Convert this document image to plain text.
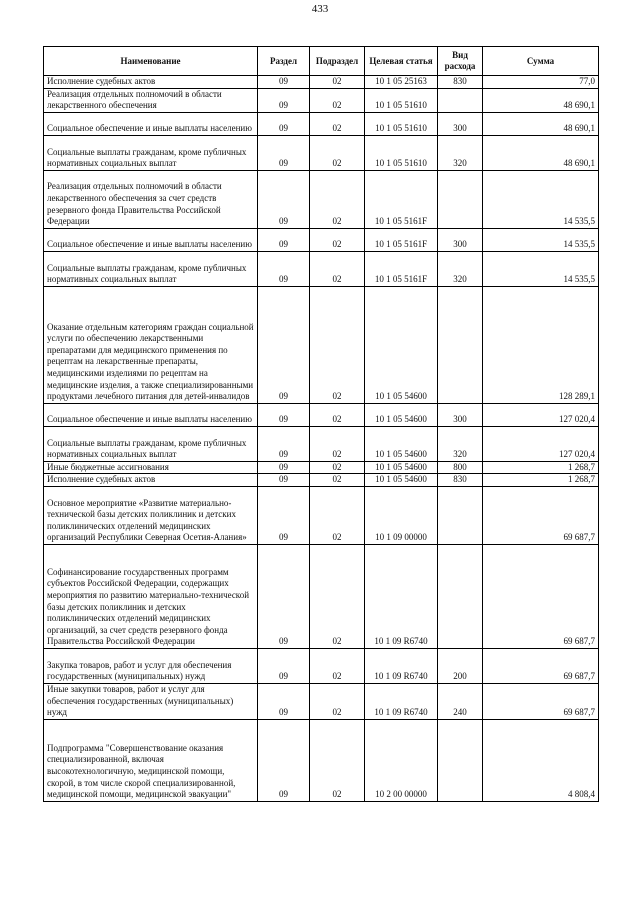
433
Наименование	Раздел	Подраздел	Целевая статья	Вид расхода	Сумма
Исполнение судебных актов	09	02	10 1 05 25163	830	77,0
Реализация отдельных полномочий в области лекарственного обеспечения	09	02	10 1 05 51610		48 690,1
Социальное обеспечение и иные выплаты населению	09	02	10 1 05 51610	300	48 690,1
Социальные выплаты гражданам, кроме публичных нормативных социальных выплат	09	02	10 1 05 51610	320	48 690,1
Реализация отдельных полномочий в области лекарственного обеспечения за счет средств резервного фонда Правительства Российской Федерации	09	02	10 1 05 5161F		14 535,5
Социальное обеспечение и иные выплаты населению	09	02	10 1 05 5161F	300	14 535,5
Социальные выплаты гражданам, кроме публичных нормативных социальных выплат	09	02	10 1 05 5161F	320	14 535,5
Оказание отдельным категориям граждан социальной услуги по обеспечению лекарственными препаратами для медицинского применения по рецептам на лекарственные препараты, медицинскими изделиями по рецептам на медицинские изделия, а также специализированными продуктами лечебного питания для детей-инвалидов	09	02	10 1 05 54600		128 289,1
Социальное обеспечение и иные выплаты населению	09	02	10 1 05 54600	300	127 020,4
Социальные выплаты гражданам, кроме публичных нормативных социальных выплат	09	02	10 1 05 54600	320	127 020,4
Иные бюджетные ассигнования	09	02	10 1 05 54600	800	1 268,7
Исполнение судебных актов	09	02	10 1 05 54600	830	1 268,7
Основное мероприятие «Развитие материально-технической базы детских поликлиник и детских поликлинических отделений медицинских организаций Республики Северная Осетия-Алания»	09	02	10 1 09 00000		69 687,7
Софинансирование государственных программ субъектов Российской Федерации, содержащих мероприятия по развитию материально-технической базы детских поликлиник и детских поликлинических отделений медицинских организаций, за счет средств резервного фонда Правительства Российской Федерации	09	02	10 1 09 R6740		69 687,7
Закупка товаров, работ и услуг для обеспечения государственных (муниципальных) нужд	09	02	10 1 09 R6740	200	69 687,7
Иные закупки товаров, работ и услуг для обеспечения государственных (муниципальных) нужд	09	02	10 1 09 R6740	240	69 687,7
Подпрограмма "Совершенствование оказания специализированной, включая высокотехнологичную, медицинской помощи, скорой, в том числе скорой специализированной, медицинской помощи, медицинской эвакуации"	09	02	10 2 00 00000		4 808,4
